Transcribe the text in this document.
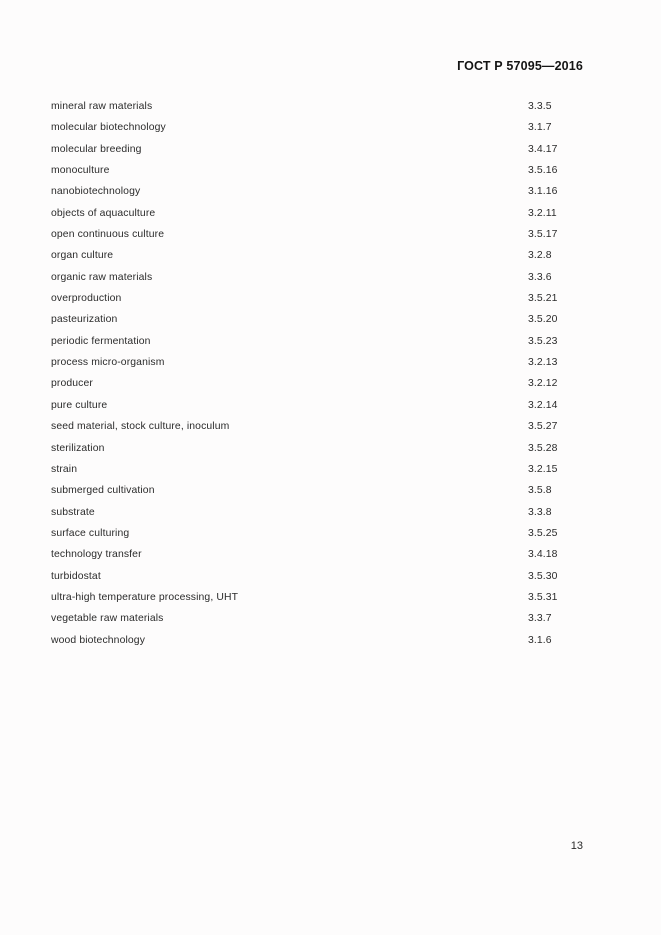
ГОСТ Р 57095—2016
mineral raw materials	3.3.5
molecular biotechnology	3.1.7
molecular breeding	3.4.17
monoculture	3.5.16
nanobiotechnology	3.1.16
objects of aquaculture	3.2.11
open continuous culture	3.5.17
organ culture	3.2.8
organic raw materials	3.3.6
overproduction	3.5.21
pasteurization	3.5.20
periodic fermentation	3.5.23
process micro-organism	3.2.13
producer	3.2.12
pure culture	3.2.14
seed material, stock culture, inoculum	3.5.27
sterilization	3.5.28
strain	3.2.15
submerged cultivation	3.5.8
substrate	3.3.8
surface culturing	3.5.25
technology transfer	3.4.18
turbidostat	3.5.30
ultra-high temperature processing, UHT	3.5.31
vegetable raw materials	3.3.7
wood biotechnology	3.1.6
13
